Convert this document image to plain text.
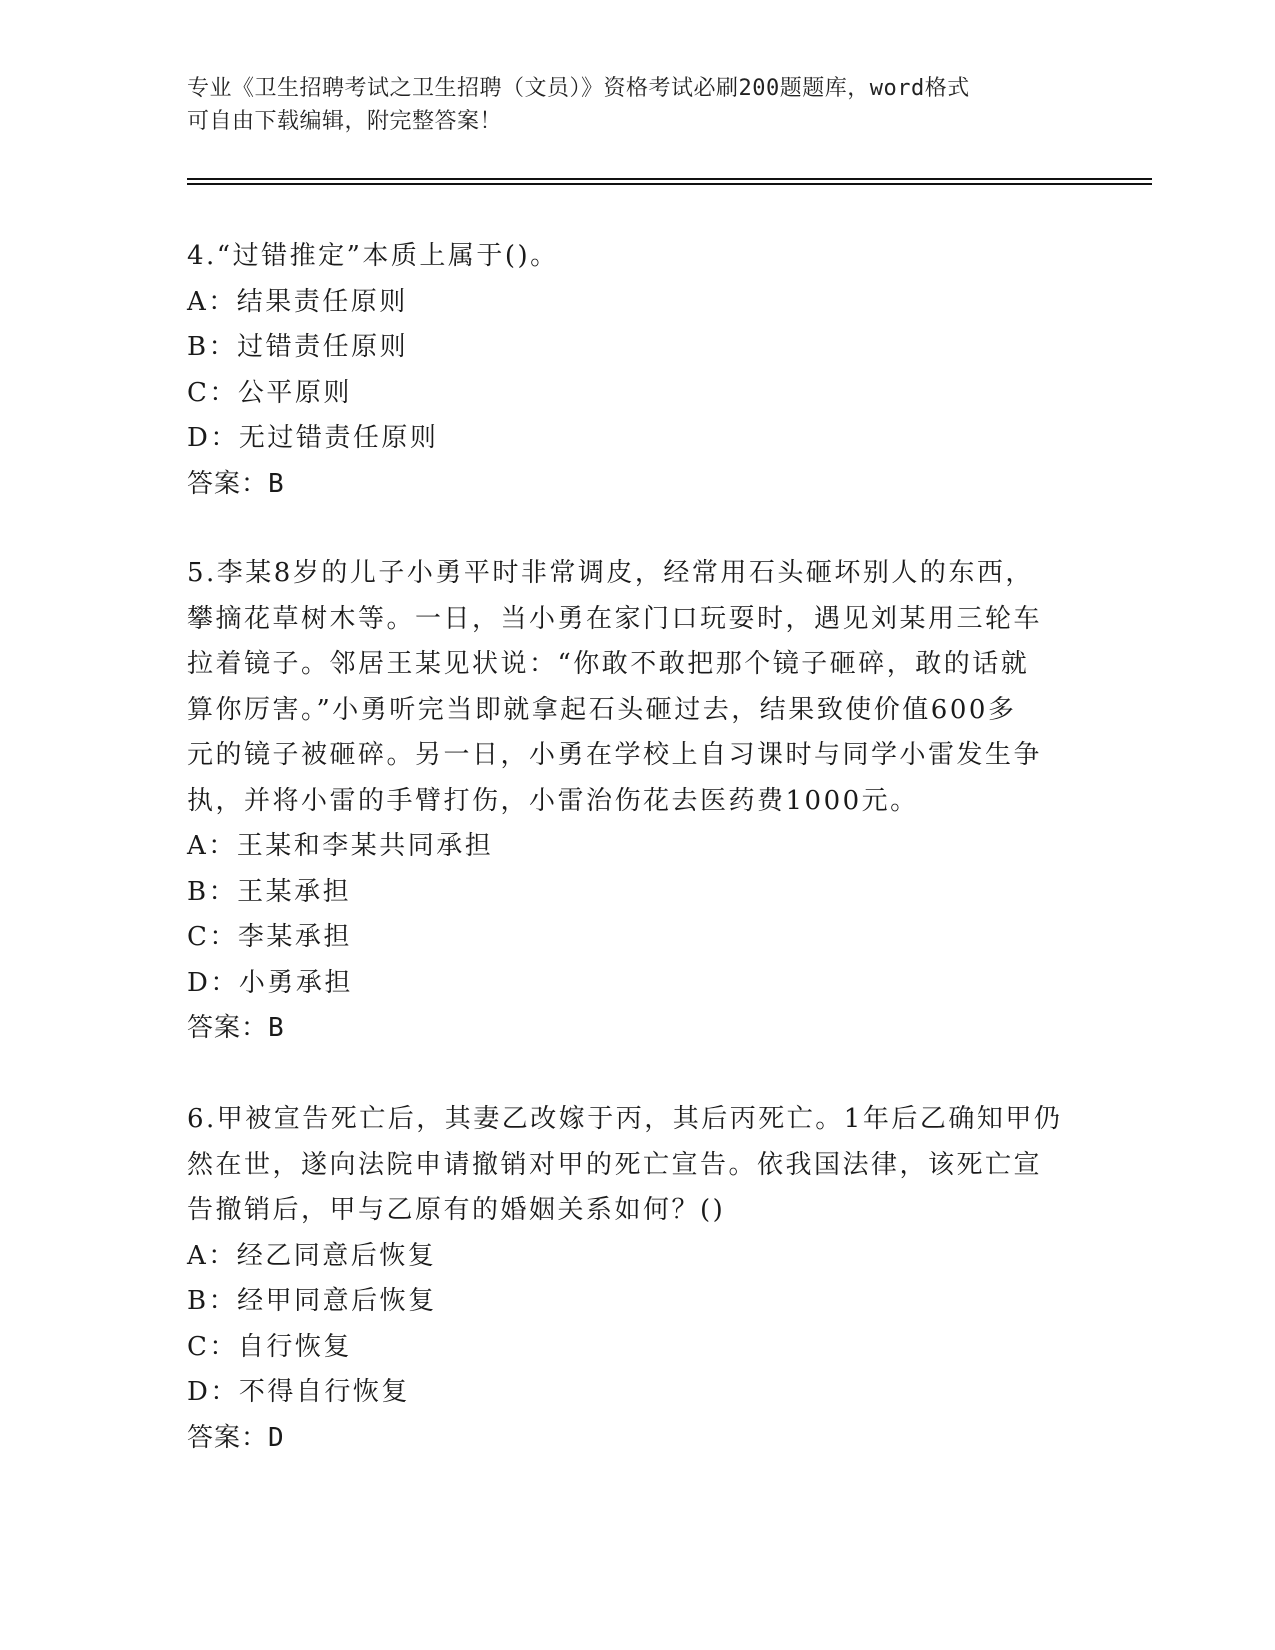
专业《卫生招聘考试之卫生招聘（文员）》资格考试必刷200题题库，word格式
可自由下载编辑，附完整答案！

4.“过错推定”本质上属于()。

A：结果责任原则

B：过错责任原则

C：公平原则

D：无过错责任原则

答案：B

5.李某8岁的儿子小勇平时非常调皮，经常用石头砸坏别人的东西，

攀摘花草树木等。一日，当小勇在家门口玩耍时，遇见刘某用三轮车

拉着镜子。邻居王某见状说：“你敢不敢把那个镜子砸碎，敢的话就

算你厉害。”小勇听完当即就拿起石头砸过去，结果致使价值600多

元的镜子被砸碎。另一日，小勇在学校上自习课时与同学小雷发生争

执，并将小雷的手臂打伤，小雷治伤花去医药费1000元。

A：王某和李某共同承担

B：王某承担

C：李某承担

D：小勇承担

答案：B

6.甲被宣告死亡后，其妻乙改嫁于丙，其后丙死亡。1年后乙确知甲仍

然在世，遂向法院申请撤销对甲的死亡宣告。依我国法律，该死亡宣

告撤销后，甲与乙原有的婚姻关系如何？()

A：经乙同意后恢复

B：经甲同意后恢复

C：自行恢复

D：不得自行恢复

答案：D
